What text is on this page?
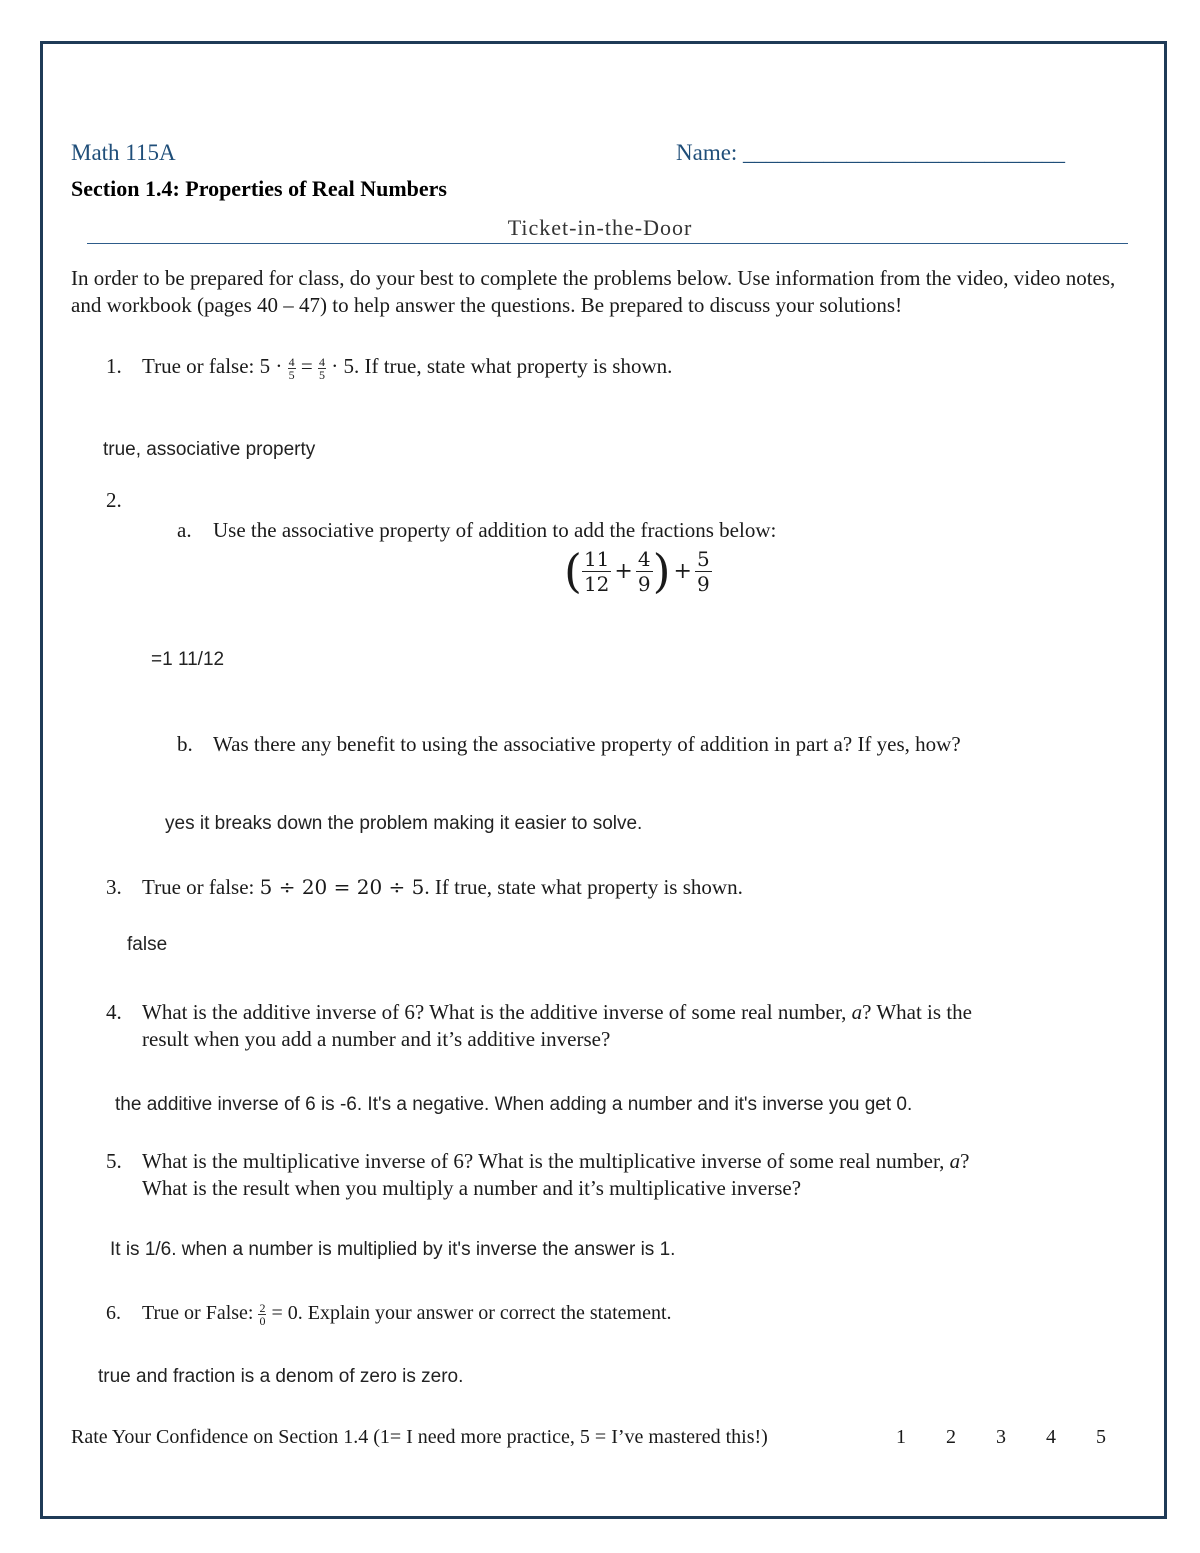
Math 115A	Name: ____________________________
Section 1.4: Properties of Real Numbers
Ticket-in-the-Door
In order to be prepared for class, do your best to complete the problems below. Use information from the video, video notes, and workbook (pages 40 – 47) to help answer the questions. Be prepared to discuss your solutions!
1. True or false: $5 \cdot \frac{4}{5} = \frac{4}{5} \cdot 5$. If true, state what property is shown.
true, associative property
2.
a. Use the associative property of addition to add the fractions below:
( $\frac{11}{12} + \frac{4}{9}$ ) + $\frac{5}{9}$
=1 11/12
b. Was there any benefit to using the associative property of addition in part a? If yes, how?
yes it breaks down the problem making it easier to solve.
3. True or false: 5 ÷ 20 = 20 ÷ 5. If true, state what property is shown.
false
4. What is the additive inverse of 6? What is the additive inverse of some real number, a? What is the
result when you add a number and it’s additive inverse?
the additive inverse of 6 is -6. It's a negative. When adding a number and it's inverse you get 0.
5. What is the multiplicative inverse of 6? What is the multiplicative inverse of some real number, a?
What is the result when you multiply a number and it’s multiplicative inverse?
It is 1/6. when a number is multiplied by it's inverse the answer is 1.
6. True or False: $\frac{2}{0} = 0$. Explain your answer or correct the statement.
true and fraction is a denom of zero is zero.
Rate Your Confidence on Section 1.4 (1= I need more practice, 5 = I’ve mastered this!)	1 2 3 4 5
